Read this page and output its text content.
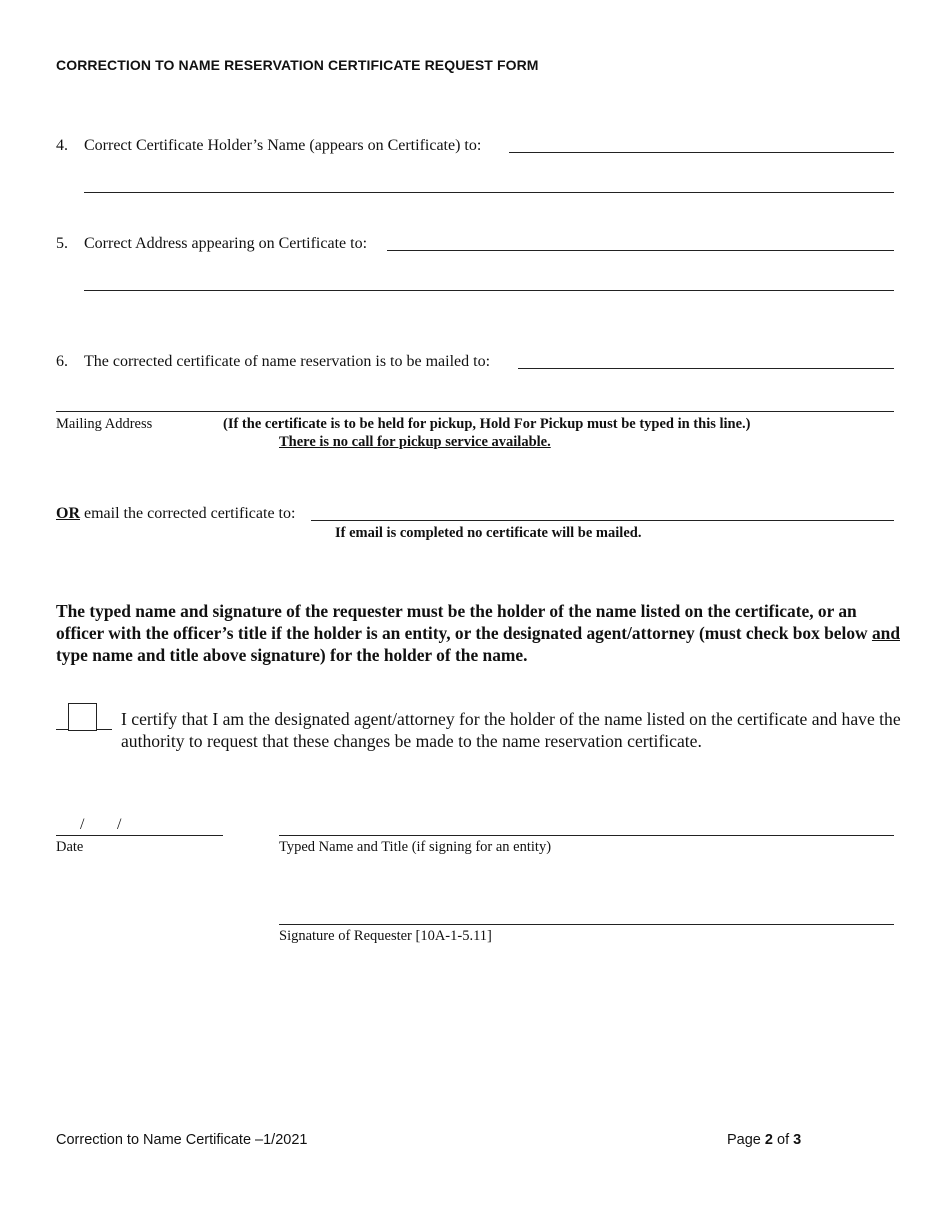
CORRECTION TO NAME RESERVATION CERTIFICATE REQUEST FORM
4. Correct Certificate Holder’s Name (appears on Certificate) to:
5. Correct Address appearing on Certificate to:
6. The corrected certificate of name reservation is to be mailed to:
Mailing Address	(If the certificate is to be held for pickup, Hold For Pickup must be typed in this line.)
There is no call for pickup service available.
OR email the corrected certificate to:
If email is completed no certificate will be mailed.
The typed name and signature of the requester must be the holder of the name listed on the certificate, or an officer with the officer’s title if the holder is an entity, or the designated agent/attorney (must check box below and type name and title above signature) for the holder of the name.
I certify that I am the designated agent/attorney for the holder of the name listed on the certificate and have the authority to request that these changes be made to the name reservation certificate.
/ /
Date	Typed Name and Title (if signing for an entity)
Signature of Requester [10A-1-5.11]
Correction to Name Certificate –1/2021	Page 2 of 3
